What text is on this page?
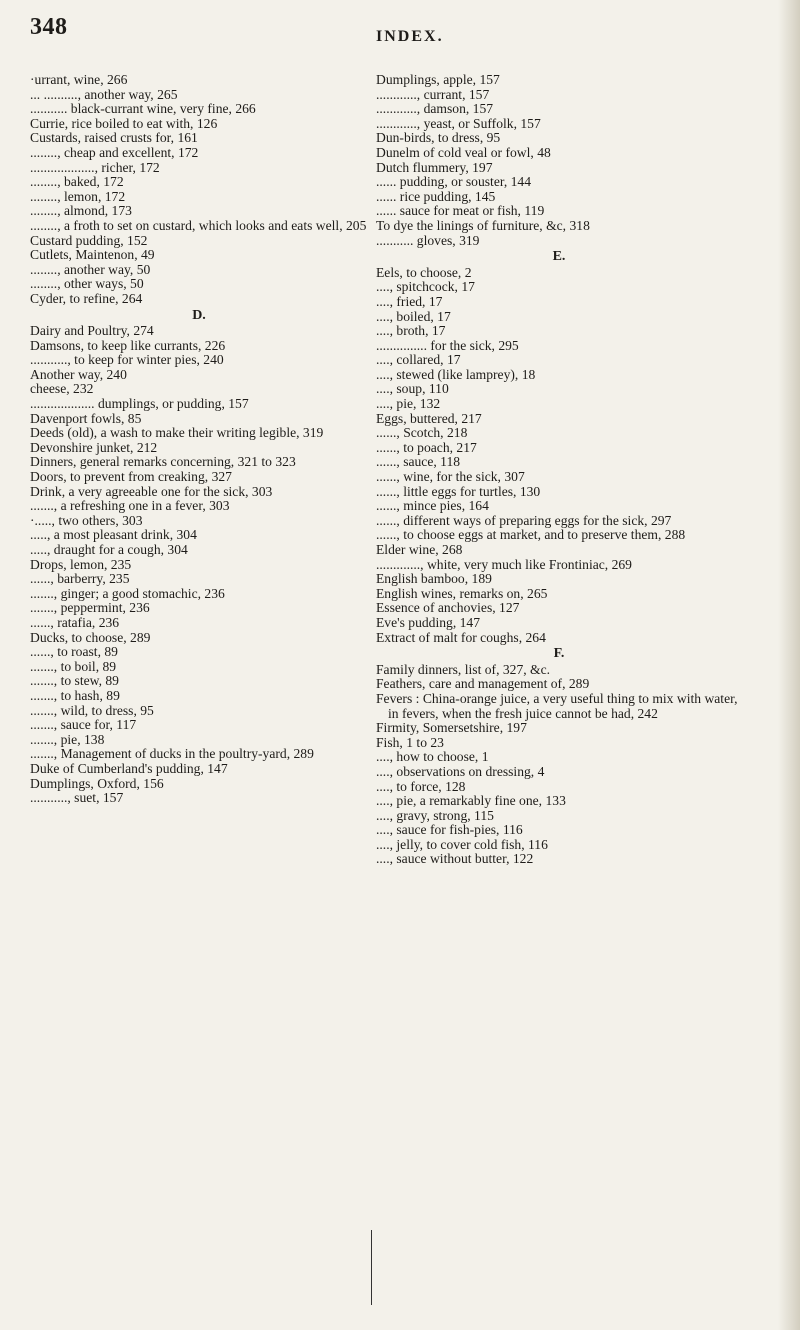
348	INDEX.

·urrant, wine, 266

... .........., another way, 265

........... black-currant wine, very fine, 266

Currie, rice boiled to eat with, 126

Custards, raised crusts for, 161

........, cheap and excellent, 172

..................., richer, 172

........, baked, 172

........, lemon, 172

........, almond, 173

........, a froth to set on custard, which looks and eats well, 205

Custard pudding, 152

Cutlets, Maintenon, 49

........, another way, 50

........, other ways, 50

Cyder, to refine, 264

D.

Dairy and Poultry, 274

Damsons, to keep like currants, 226

..........., to keep for winter pies, 240

Another way, 240

cheese, 232

................... dumplings, or pudding, 157

Davenport fowls, 85

Deeds (old), a wash to make their writing legible, 319

Devonshire junket, 212

Dinners, general remarks concerning, 321 to 323

Doors, to prevent from creaking, 327

Drink, a very agreeable one for the sick, 303

......., a refreshing one in a fever, 303

·....., two others, 303

....., a most pleasant drink, 304

....., draught for a cough, 304

Drops, lemon, 235

......, barberry, 235

......., ginger; a good stomachic, 236

......., peppermint, 236

......, ratafia, 236

Ducks, to choose, 289

......, to roast, 89

......., to boil, 89

......., to stew, 89

......., to hash, 89

......., wild, to dress, 95

......., sauce for, 117

......., pie, 138

......., Management of ducks in the poultry-yard, 289

Duke of Cumberland's pudding, 147

Dumplings, Oxford, 156

..........., suet, 157

Dumplings, apple, 157

............, currant, 157

............, damson, 157

............, yeast, or Suffolk, 157

Dun-birds, to dress, 95

Dunelm of cold veal or fowl, 48

Dutch flummery, 197

...... pudding, or souster, 144

...... rice pudding, 145

...... sauce for meat or fish, 119

To dye the linings of furniture, &c, 318

........... gloves, 319

E.

Eels, to choose, 2

...., spitchcock, 17

...., fried, 17

...., boiled, 17

...., broth, 17

............... for the sick, 295

...., collared, 17

...., stewed (like lamprey), 18

...., soup, 110

...., pie, 132

Eggs, buttered, 217

......, Scotch, 218

......, to poach, 217

......, sauce, 118

......, wine, for the sick, 307

......, little eggs for turtles, 130

......, mince pies, 164

......, different ways of preparing eggs for the sick, 297

......, to choose eggs at market, and to preserve them, 288

Elder wine, 268

............., white, very much like Frontiniac, 269

English bamboo, 189

English wines, remarks on, 265

Essence of anchovies, 127

Eve's pudding, 147

Extract of malt for coughs, 264

F.

Family dinners, list of, 327, &c.

Feathers, care and management of, 289

Fevers : China-orange juice, a very useful thing to mix with water, in fevers, when the fresh juice cannot be had, 242

Firmity, Somersetshire, 197

Fish, 1 to 23

...., how to choose, 1

...., observations on dressing, 4

...., to force, 128

...., pie, a remarkably fine one, 133

...., gravy, strong, 115

...., sauce for fish-pies, 116

...., jelly, to cover cold fish, 116

...., sauce without butter, 122
